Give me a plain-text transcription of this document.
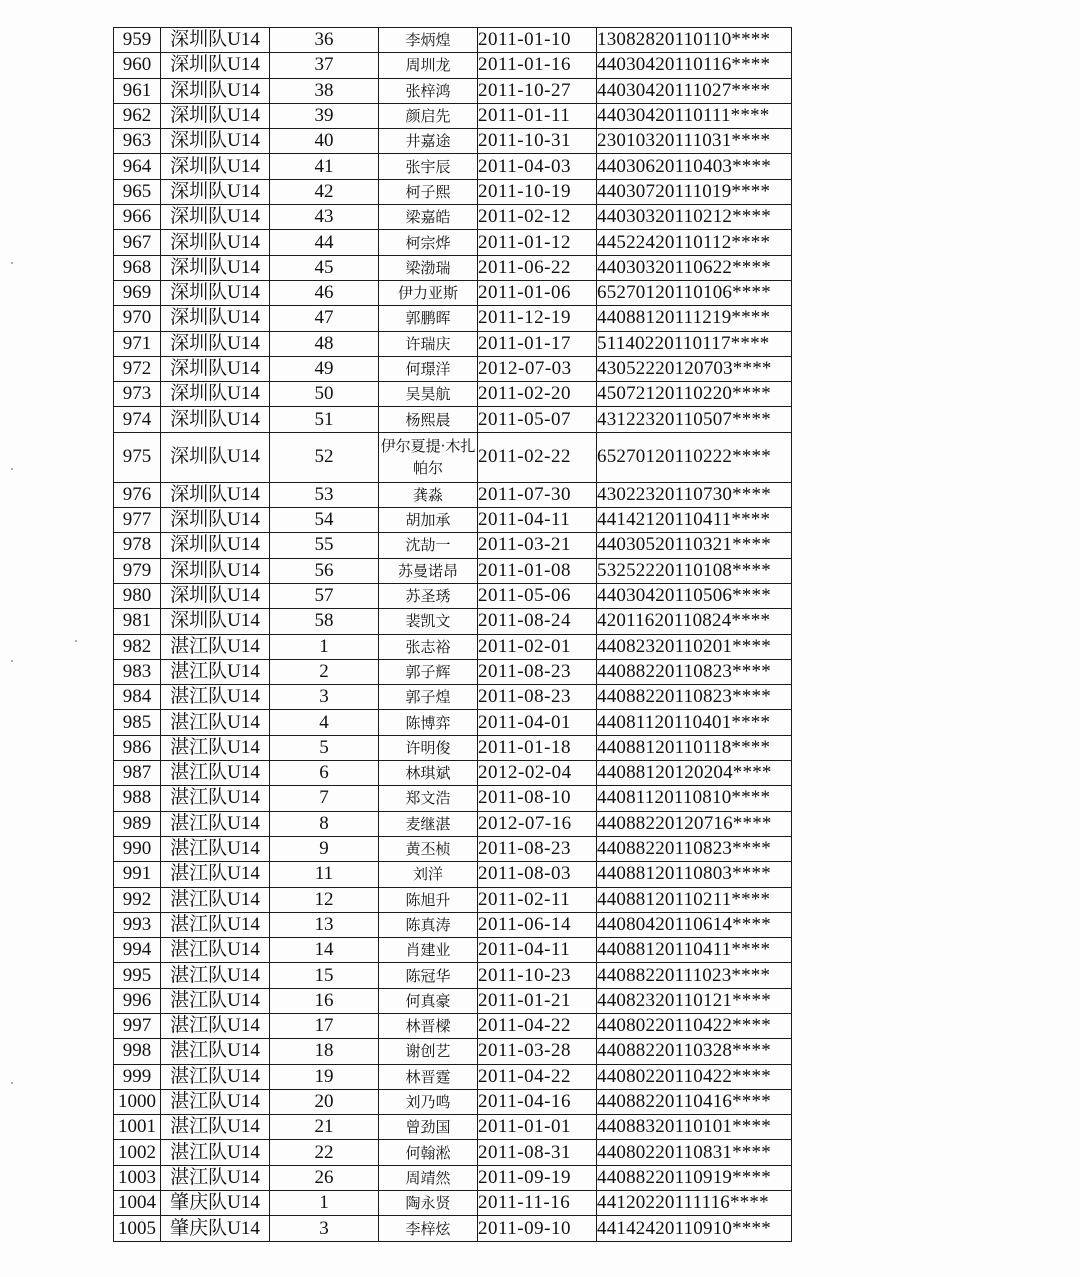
959	深圳队U14	36	李炳煌	2011-01-10	13082820110110****
960	深圳队U14	37	周圳龙	2011-01-16	44030420110116****
961	深圳队U14	38	张梓鸿	2011-10-27	44030420111027****
962	深圳队U14	39	颜启先	2011-01-11	44030420110111****
963	深圳队U14	40	井嘉途	2011-10-31	23010320111031****
964	深圳队U14	41	张宇辰	2011-04-03	44030620110403****
965	深圳队U14	42	柯子熙	2011-10-19	44030720111019****
966	深圳队U14	43	梁嘉皓	2011-02-12	44030320110212****
967	深圳队U14	44	柯宗烨	2011-01-12	44522420110112****
968	深圳队U14	45	梁渤瑞	2011-06-22	44030320110622****
969	深圳队U14	46	伊力亚斯	2011-01-06	65270120110106****
970	深圳队U14	47	郭鹏晖	2011-12-19	44088120111219****
971	深圳队U14	48	许瑞庆	2011-01-17	51140220110117****
972	深圳队U14	49	何璟洋	2012-07-03	43052220120703****
973	深圳队U14	50	吴昊航	2011-02-20	45072120110220****
974	深圳队U14	51	杨熙晨	2011-05-07	43122320110507****
975	深圳队U14	52	伊尔夏提·木扎帕尔	2011-02-22	65270120110222****
976	深圳队U14	53	龚淼	2011-07-30	43022320110730****
977	深圳队U14	54	胡加承	2011-04-11	44142120110411****
978	深圳队U14	55	沈劼一	2011-03-21	44030520110321****
979	深圳队U14	56	苏曼诺昂	2011-01-08	53252220110108****
980	深圳队U14	57	苏圣琇	2011-05-06	44030420110506****
981	深圳队U14	58	裴凯文	2011-08-24	42011620110824****
982	湛江队U14	1	张志裕	2011-02-01	44082320110201****
983	湛江队U14	2	郭子辉	2011-08-23	44088220110823****
984	湛江队U14	3	郭子煌	2011-08-23	44088220110823****
985	湛江队U14	4	陈博弈	2011-04-01	44081120110401****
986	湛江队U14	5	许明俊	2011-01-18	44088120110118****
987	湛江队U14	6	林琪斌	2012-02-04	44088120120204****
988	湛江队U14	7	郑文浩	2011-08-10	44081120110810****
989	湛江队U14	8	麦继湛	2012-07-16	44088220120716****
990	湛江队U14	9	黄丕桢	2011-08-23	44088220110823****
991	湛江队U14	11	刘洋	2011-08-03	44088120110803****
992	湛江队U14	12	陈旭升	2011-02-11	44088120110211****
993	湛江队U14	13	陈真涛	2011-06-14	44080420110614****
994	湛江队U14	14	肖建业	2011-04-11	44088120110411****
995	湛江队U14	15	陈冠华	2011-10-23	44088220111023****
996	湛江队U14	16	何真豪	2011-01-21	44082320110121****
997	湛江队U14	17	林晋樑	2011-04-22	44080220110422****
998	湛江队U14	18	谢创艺	2011-03-28	44088220110328****
999	湛江队U14	19	林晋霆	2011-04-22	44080220110422****
1000	湛江队U14	20	刘乃鸣	2011-04-16	44088220110416****
1001	湛江队U14	21	曾劲国	2011-01-01	44088320110101****
1002	湛江队U14	22	何翰淞	2011-08-31	44080220110831****
1003	湛江队U14	26	周靖然	2011-09-19	44088220110919****
1004	肇庆队U14	1	陶永贤	2011-11-16	44120220111116****
1005	肇庆队U14	3	李梓炫	2011-09-10	44142420110910****
